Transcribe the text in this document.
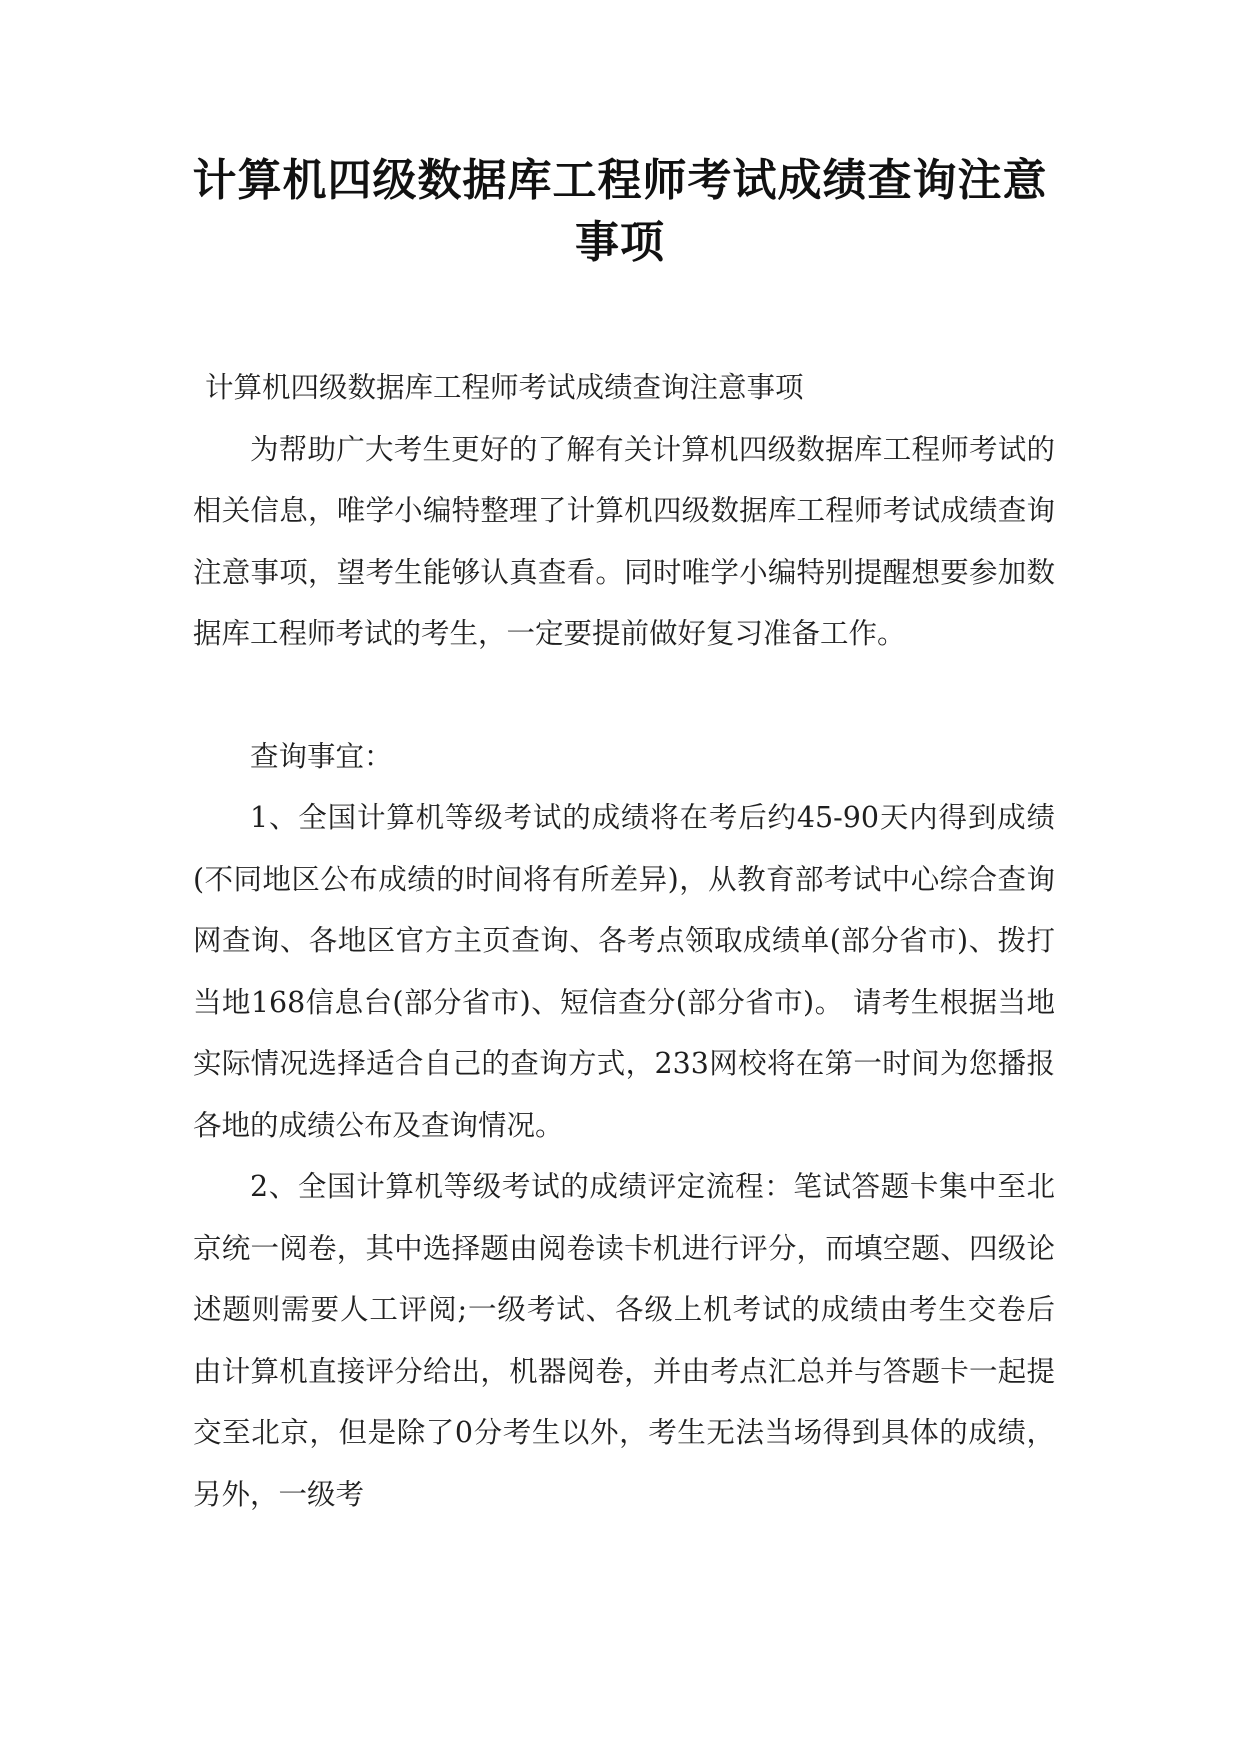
计算机四级数据库工程师考试成绩查询注意事项

计算机四级数据库工程师考试成绩查询注意事项

为帮助广大考生更好的了解有关计算机四级数据库工程师考试的相关信息，唯学小编特整理了计算机四级数据库工程师考试成绩查询注意事项，望考生能够认真查看。同时唯学小编特别提醒想要参加数据库工程师考试的考生，一定要提前做好复习准备工作。

查询事宜：

1、全国计算机等级考试的成绩将在考后约45-90天内得到成绩(不同地区公布成绩的时间将有所差异)，从教育部考试中心综合查询网查询、各地区官方主页查询、各考点领取成绩单(部分省市)、拨打当地168信息台(部分省市)、短信查分(部分省市)。 请考生根据当地实际情况选择适合自己的查询方式，233网校将在第一时间为您播报各地的成绩公布及查询情况。

2、全国计算机等级考试的成绩评定流程：笔试答题卡集中至北京统一阅卷，其中选择题由阅卷读卡机进行评分，而填空题、四级论述题则需要人工评阅;一级考试、各级上机考试的成绩由考生交卷后由计算机直接评分给出，机器阅卷，并由考点汇总并与答题卡一起提交至北京，但是除了0分考生以外，考生无法当场得到具体的成绩，另外，一级考
